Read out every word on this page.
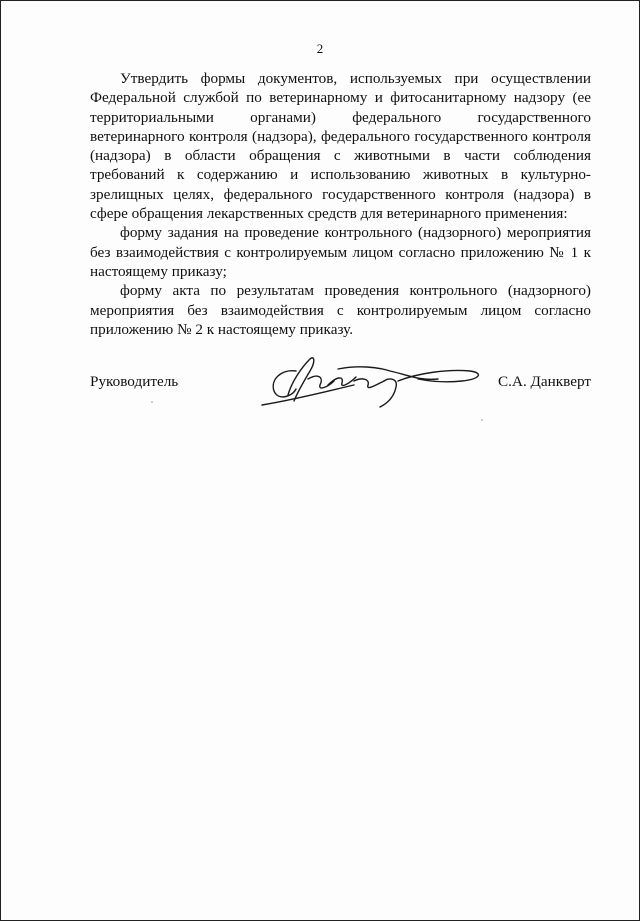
2

Утвердить формы документов, используемых при осуществлении Федеральной службой по ветеринарному и фитосанитарному надзору (ее территориальными органами) федерального государственного ветеринарного контроля (надзора), федерального государственного контроля (надзора) в области обращения с животными в части соблюдения требований к содержанию и использованию животных в культурно-зрелищных целях, федерального государственного контроля (надзора) в сфере обращения лекарственных средств для ветеринарного применения:

форму задания на проведение контрольного (надзорного) мероприятия без взаимодействия с контролируемым лицом согласно приложению № 1 к настоящему приказу;

форму акта по результатам проведения контрольного (надзорного) мероприятия без взаимодействия с контролируемым лицом согласно приложению № 2 к настоящему приказу.

Руководитель	С.А. Данкверт
